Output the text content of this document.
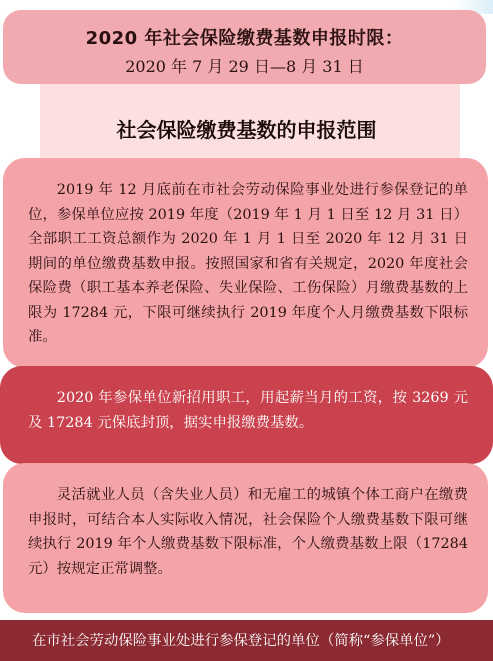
2020 年社会保险缴费基数申报时限：
2020 年 7 月 29 日—8 月 31 日
社会保险缴费基数的申报范围

2019 年 12 月底前在市社会劳动保险事业处进行参保登记的单位，参保单位应按 2019 年度（2019 年 1 月 1 日至 12 月 31 日）全部职工工资总额作为 2020 年 1 月 1 日至 2020 年 12 月 31 日期间的单位缴费基数申报。按照国家和省有关规定，2020 年度社会保险费（职工基本养老保险、失业保险、工伤保险）月缴费基数的上限为 17284 元，下限可继续执行 2019 年度个人月缴费基数下限标准。

2020 年参保单位新招用职工，用起薪当月的工资，按 3269 元及 17284 元保底封顶，据实申报缴费基数。

灵活就业人员（含失业人员）和无雇工的城镇个体工商户在缴费申报时，可结合本人实际收入情况，社会保险个人缴费基数下限可继续执行 2019 年个人缴费基数下限标准，个人缴费基数上限（17284 元）按规定正常调整。

在市社会劳动保险事业处进行参保登记的单位（简称“参保单位”）
